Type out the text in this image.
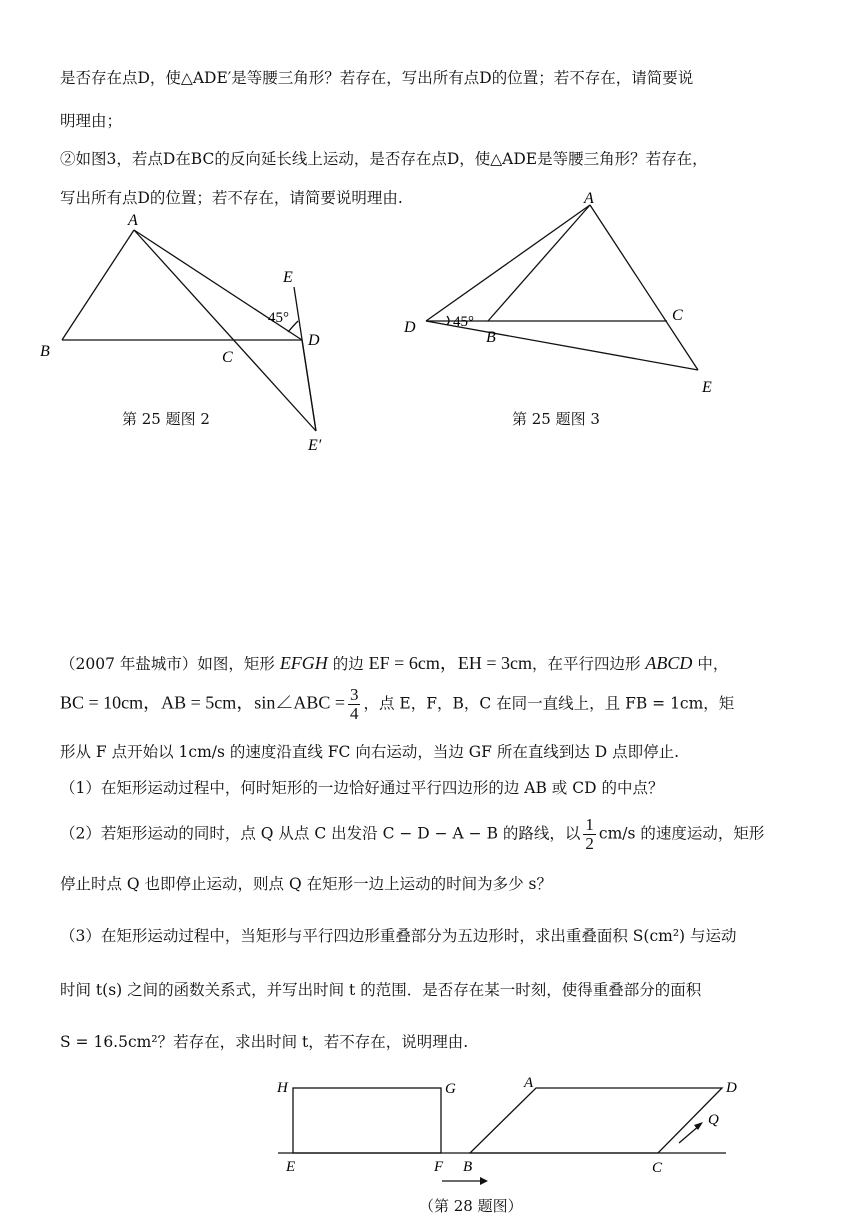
是否存在点D，使△ADE′是等腰三角形？若存在，写出所有点D的位置；若不存在，请简要说
明理由；
②如图3，若点D在BC的反向延长线上运动，是否存在点D，使△ADE是等腰三角形？若存在，
写出所有点D的位置；若不存在，请简要说明理由.
A
B	C
D
E
E′
45°
A
B
C
D
E
45°
H	G
E	F B
A	D
C
Q
第 25 题图 2	第 25 题图 3
（2007 年盐城市）如图，矩形 EFGH 的边 EF = 6cm，EH = 3cm，在平行四边形 ABCD 中，
BC = 10cm，AB = 5cm，sin∠ABC = $\frac{3}{4}$ ，点 E，F，B，C 在同一直线上，且 FB = 1cm，矩
形从 F 点开始以 1cm/s 的速度沿直线 FC 向右运动，当边 GF 所在直线到达 D 点即停止.
（1）在矩形运动过程中，何时矩形的一边恰好通过平行四边形的边 AB 或 CD 的中点？
（2）若矩形运动的同时，点 Q 从点 C 出发沿 C − D − A − B 的路线，以 $\frac{1}{2} cm/s$ 的速度运动，矩形
停止时点 Q 也即停止运动，则点 Q 在矩形一边上运动的时间为多少 s？
（3）在矩形运动过程中，当矩形与平行四边形重叠部分为五边形时，求出重叠面积 S(cm²) 与运动
时间 t(s) 之间的函数关系式，并写出时间 t 的范围．是否存在某一时刻，使得重叠部分的面积
S = 16.5cm²？若存在，求出时间 t，若不存在，说明理由.
（第 28 题图）
